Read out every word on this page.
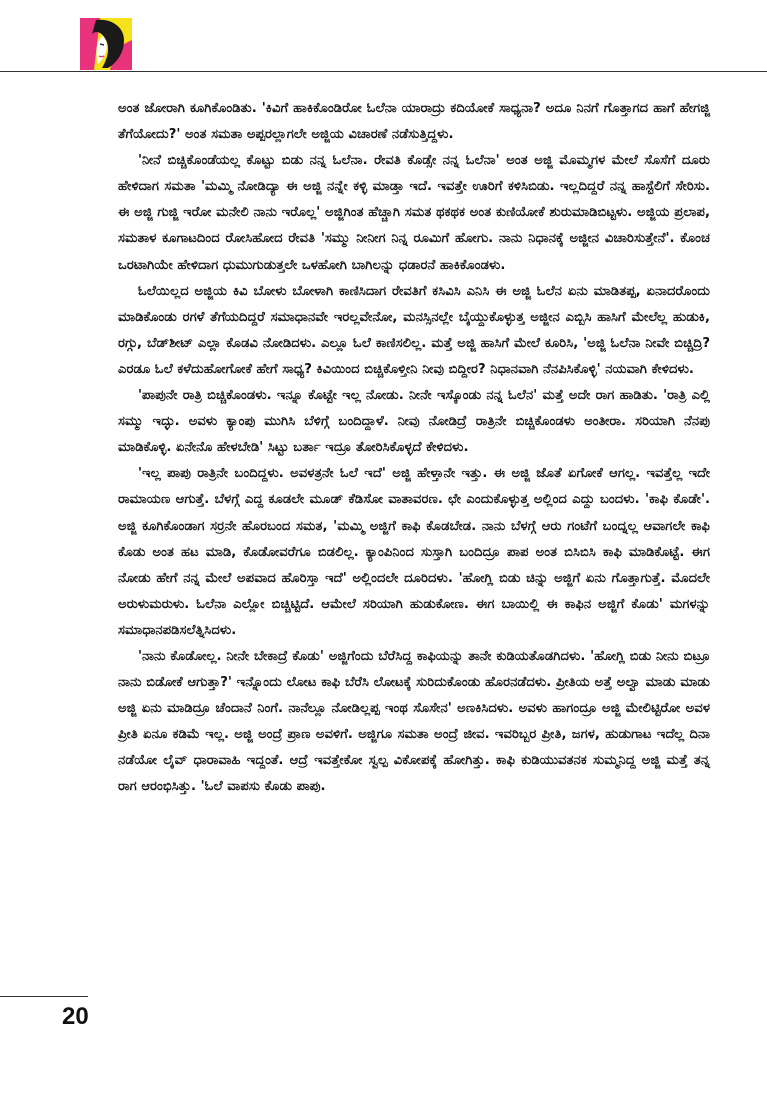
ಅಂತ ಜೋರಾಗಿ ಕೂಗಿಕೊಂಡಿತು. 'ಕಿವಿಗೆ ಹಾಕಿಕೊಂಡಿರೋ ಓಲೆನಾ ಯಾರಾದ್ರು ಕದಿಯೋಕೆ ಸಾಧ್ಯನಾ? ಅದೂ ನಿನಗೆ ಗೊತ್ತಾಗದ ಹಾಗೆ ಹೇಗಜ್ಜಿ ತೆಗೆಯೋದು?' ಅಂತ ಸಮತಾ ಅಪ್ಪರಲ್ಲಾಗಲೇ ಅಜ್ಜಿಯ ವಿಚಾರಣೆ ನಡೆಸುತ್ತಿದ್ದಳು.

'ನೀನೆ ಬಿಚ್ಚಿಕೊಂಡೆಯಲ್ಲ ಕೊಟ್ಟು ಬಿಡು ನನ್ನ ಓಲೆನಾ. ರೇವತಿ ಕೊಡ್ಸೇ ನನ್ನ ಓಲೆನಾ' ಅಂತ ಅಜ್ಜಿ ಮೊಮ್ಮಗಳ ಮೇಲೆ ಸೊಸೆಗೆ ದೂರು ಹೇಳಿದಾಗ ಸಮತಾ 'ಮಮ್ಮಿ ನೋಡಿದ್ಯಾ ಈ ಅಜ್ಜಿ ನನ್ನೇ ಕಳ್ಳಿ ಮಾಡ್ತಾ ಇದೆ. ಇವತ್ತೇ ಊರಿಗೆ ಕಳಿಸಿಬಿಡು. ಇಲ್ಲದಿದ್ದರೆ ನನ್ನ ಹಾಸ್ಟೆಲಿಗೆ ಸೇರಿಸು. ಈ ಅಜ್ಜಿ ಗುಜ್ಜಿ ಇರೋ ಮನೇಲಿ ನಾನು ಇರೊಲ್ಲ' ಅಜ್ಜಿಗಿಂತ ಹೆಚ್ಚಾಗಿ ಸಮತ ಥಕಥಕ ಅಂತ ಕುಣಿಯೋಕೆ ಶುರುಮಾಡಿಬಿಟ್ಟಳು. ಅಜ್ಜಿಯ ಪ್ರಲಾಪ, ಸಮತಾಳ ಕೂಗಾಟದಿಂದ ರೋಸಿಹೋದ ರೇವತಿ 'ಸಮ್ಮು ನೀನೀಗ ನಿನ್ನ ರೂಮಿಗೆ ಹೋಗು. ನಾನು ನಿಧಾನಕ್ಕೆ ಅಜ್ಜೀನ ವಿಚಾರಿಸುತ್ತೇನೆ'. ಕೊಂಚ ಒರಟಾಗಿಯೇ ಹೇಳಿದಾಗ ಧುಮುಗುಡುತ್ತಲೇ ಒಳಹೋಗಿ ಬಾಗಿಲನ್ನು ಧಡಾರನೆ ಹಾಕಿಕೊಂಡಳು.

ಓಲೆಯಿಲ್ಲದ ಅಜ್ಜಿಯ ಕಿವಿ ಬೋಳು ಬೋಳಾಗಿ ಕಾಣಿಸಿದಾಗ ರೇವತಿಗೆ ಕಸಿವಿಸಿ ಎನಿಸಿ ಈ ಅಜ್ಜಿ ಓಲೆನ ಏನು ಮಾಡಿತಪ್ಪ, ಏನಾದರೊಂದು ಮಾಡಿಕೊಂಡು ರಗಳೆ ತೆಗೆಯದಿದ್ದರೆ ಸಮಾಧಾನವೇ ಇರಲ್ಲವೇನೋ, ಮನಸ್ಸಿನಲ್ಲೇ ಬೈಯ್ದುಕೊಳ್ಳುತ್ತ ಅಜ್ಜೀನ ಎಬ್ಬಿಸಿ ಹಾಸಿಗೆ ಮೇಲೆಲ್ಲ ಹುಡುಕಿ, ರಗ್ಗು, ಬೆಡ್‌ಶೀಟ್ ಎಲ್ಲಾ ಕೊಡವಿ ನೋಡಿದಳು. ಎಲ್ಲೂ ಓಲೆ ಕಾಣಿಸಲಿಲ್ಲ. ಮತ್ತೆ ಅಜ್ಜಿ ಹಾಸಿಗೆ ಮೇಲೆ ಕೂರಿಸಿ, 'ಅಜ್ಜಿ ಓಲೆನಾ ನೀವೇ ಬಿಚ್ಚಿದ್ರಿ? ಎರಡೂ ಓಲೆ ಕಳೆದುಹೋಗೋಕೆ ಹೇಗೆ ಸಾಧ್ಯ? ಕಿವಿಯಿಂದ ಬಿಚ್ಚಿಕೊಳ್ತೀನಿ ನೀವು ಬಿದ್ದೀರ? ನಿಧಾನವಾಗಿ ನೆನಪಿಸಿಕೊಳ್ಳಿ' ನಯವಾಗಿ ಕೇಳಿದಳು.

'ಪಾಪುನೇ ರಾತ್ರಿ ಬಿಚ್ಚಿಕೊಂಡಳು. ಇನ್ನೂ ಕೊಟ್ಟೇ ಇಲ್ಲ ನೋಡು. ನೀನೇ ಇಸ್ಕೊಂಡು ನನ್ನ ಓಲೆನ' ಮತ್ತೆ ಅದೇ ರಾಗ ಹಾಡಿತು. 'ರಾತ್ರಿ ಎಲ್ಲಿ ಸಮ್ಮು ಇದ್ಳು. ಅವಳು ಕ್ಯಾಂಪು ಮುಗಿಸಿ ಬೆಳಿಗ್ಗೆ ಬಂದಿದ್ದಾಳೆ. ನೀವು ನೋಡಿದ್ರೆ ರಾತ್ರಿನೇ ಬಿಚ್ಚಿಕೊಂಡಳು ಅಂತೀರಾ. ಸರಿಯಾಗಿ ನೆನಪು ಮಾಡಿಕೊಳ್ಳಿ. ಏನೇನೊ ಹೇಳಬೇಡಿ' ಸಿಟ್ಟು ಬರ್ತಾ ಇದ್ರೂ ತೋರಿಸಿಕೊಳ್ಳದೆ ಕೇಳಿದಳು.

'ಇಲ್ಲ ಪಾಪು ರಾತ್ರಿನೇ ಬಂದಿದ್ದಳು. ಅವಳತ್ರನೇ ಓಲೆ ಇದೆ' ಅಜ್ಜಿ ಹೇಳ್ತಾನೇ ಇತ್ತು. ಈ ಅಜ್ಜಿ ಜೊತೆ ಏಗೋಕೆ ಆಗಲ್ಲ. ಇವತ್ತೆಲ್ಲ ಇದೇ ರಾಮಾಯಣ ಆಗುತ್ತೆ. ಬೆಳಗ್ಗೆ ಎದ್ದ ಕೂಡಲೇ ಮೂಡ್ ಕೆಡಿಸೋ ವಾತಾವರಣ. ಛೇ ಎಂದುಕೊಳ್ಳುತ್ತ ಅಲ್ಲಿಂದ ಎದ್ದು ಬಂದಳು. 'ಕಾಫಿ ಕೊಡೇ'. ಅಜ್ಜಿ ಕೂಗಿಕೊಂಡಾಗ ಸರ್ರನೇ ಹೊರಬಂದ ಸಮತ, 'ಮಮ್ಮಿ ಅಜ್ಜಿಗೆ ಕಾಫಿ ಕೊಡಬೇಡ. ನಾನು ಬೆಳಗ್ಗೆ ಆರು ಗಂಟೆಗೆ ಬಂದ್ನಲ್ಲ ಆವಾಗಲೇ ಕಾಫಿ ಕೊಡು ಅಂತ ಹಟ ಮಾಡಿ, ಕೊಡೋವರೆಗೂ ಬಿಡಲಿಲ್ಲ. ಕ್ಯಾಂಪಿನಿಂದ ಸುಸ್ತಾಗಿ ಬಂದಿದ್ರೂ ಪಾಪ ಅಂತ ಬಿಸಿಬಿಸಿ ಕಾಫಿ ಮಾಡಿಕೊಟ್ಟೆ. ಈಗ ನೋಡು ಹೇಗೆ ನನ್ನ ಮೇಲೆ ಅಪವಾದ ಹೊರಿಸ್ತಾ ಇದೆ' ಅಲ್ಲಿಂದಲೇ ದೂರಿದಳು. 'ಹೋಗ್ಲಿ ಬಿಡು ಚಿನ್ನು ಅಜ್ಜಿಗೆ ಏನು ಗೊತ್ತಾಗುತ್ತೆ. ಮೊದಲೇ ಅರುಳುಮರುಳು. ಓಲೆನಾ ಎಲ್ಲೋ ಬಿಚ್ಚಿಟ್ಟಿದೆ. ಆಮೇಲೆ ಸರಿಯಾಗಿ ಹುಡುಕೋಣ. ಈಗ ಬಾಯಿಲ್ಲಿ ಈ ಕಾಫಿನ ಅಜ್ಜಿಗೆ ಕೊಡು' ಮಗಳನ್ನು ಸಮಾಧಾನಪಡಿಸಲೆತ್ನಿಸಿದಳು.

'ನಾನು ಕೊಡೋಲ್ಲ. ನೀನೇ ಬೇಕಾದ್ರೆ ಕೊಡು' ಅಜ್ಜಿಗೆಂದು ಬೆರೆಸಿದ್ದ ಕಾಫಿಯನ್ನು ತಾನೇ ಕುಡಿಯತೊಡಗಿದಳು. 'ಹೋಗ್ಲಿ ಬಿಡು ನೀನು ಬಿಟ್ರೂ ನಾನು ಬಿಡೋಕೆ ಆಗುತ್ತಾ?' ಇನ್ನೊಂದು ಲೋಟ ಕಾಫಿ ಬೆರೆಸಿ ಲೋಟಕ್ಕೆ ಸುರಿದುಕೊಂಡು ಹೊರನಡೆದಳು. ಪ್ರೀತಿಯ ಅತ್ತೆ ಅಲ್ವಾ ಮಾಡು ಮಾಡು ಅಜ್ಜಿ ಏನು ಮಾಡಿದ್ರೂ ಚೆಂದಾನೆ ನಿಂಗೆ. ನಾನೆಲ್ಲೂ ನೋಡಿಲ್ಲಪ್ಪ ಇಂಥ ಸೊಸೇನ' ಅಣಕಿಸಿದಳು. ಅವಳು ಹಾಗಂದ್ರೂ ಅಜ್ಜಿ ಮೇಲಿಟ್ಟಿರೋ ಅವಳ ಪ್ರೀತಿ ಏನೂ ಕಡಿಮೆ ಇಲ್ಲ. ಅಜ್ಜಿ ಅಂದ್ರೆ ಪ್ರಾಣ ಅವಳಿಗೆ. ಅಜ್ಜಿಗೂ ಸಮತಾ ಅಂದ್ರೆ ಜೀವ. ಇವರಿಬ್ಬರ ಪ್ರೀತಿ, ಜಗಳ, ಹುಡುಗಾಟ ಇದೆಲ್ಲ ದಿನಾ ನಡೆಯೋ ಲೈವ್ ಧಾರಾವಾಹಿ ಇದ್ದಂತೆ. ಆದ್ರೆ ಇವತ್ತೇಕೋ ಸ್ವಲ್ಪ ವಿಕೋಪಕ್ಕೆ ಹೋಗಿತ್ತು. ಕಾಫಿ ಕುಡಿಯುವತನಕ ಸುಮ್ಮನಿದ್ದ ಅಜ್ಜಿ ಮತ್ತೆ ತನ್ನ ರಾಗ ಆರಂಭಿಸಿತ್ತು. 'ಓಲೆ ವಾಪಸು ಕೊಡು ಪಾಪು.

20
